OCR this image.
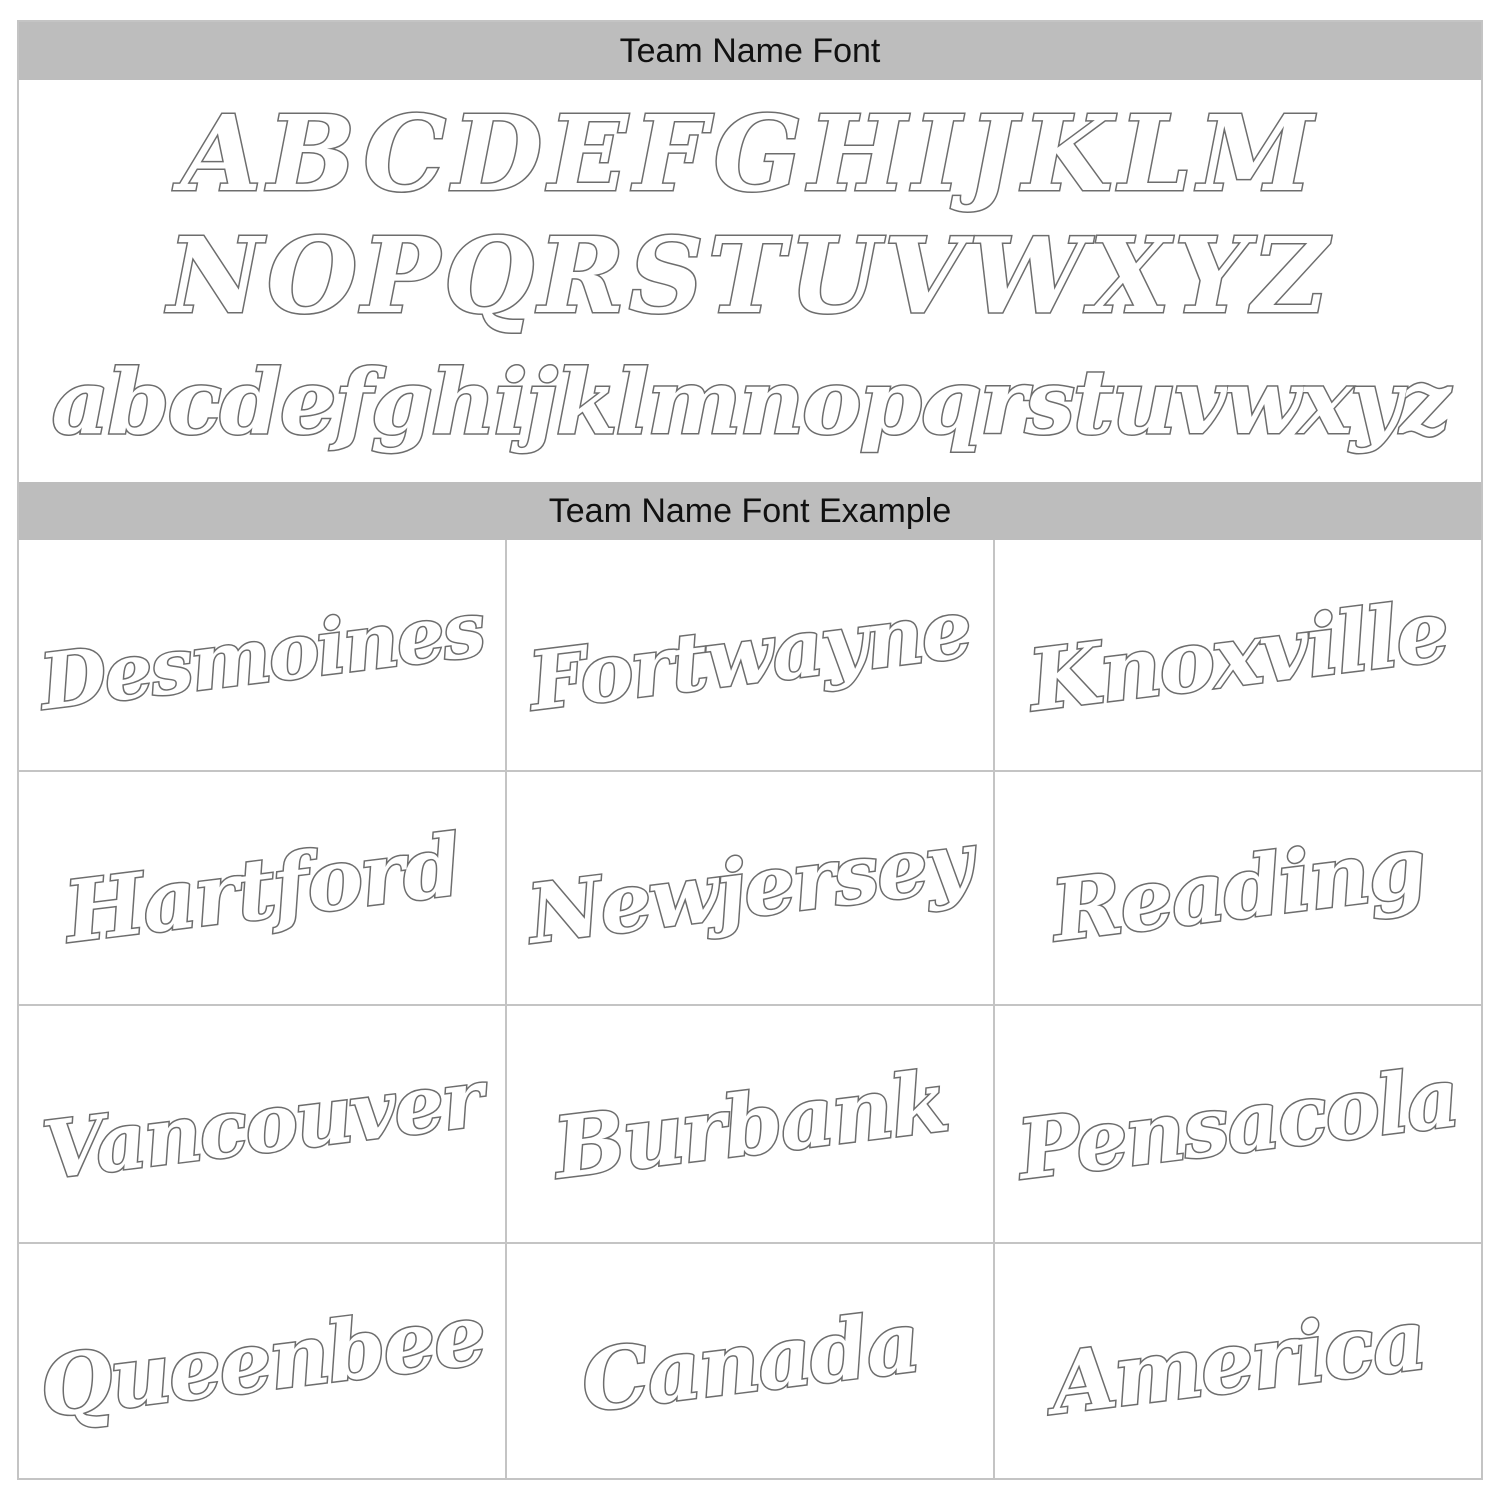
Team Name Font
ABCDEFGHIJKLM
NOPQRSTUVWXYZ
abcdefghijklmnopqrstuvwxyz
Team Name Font Example
Desmoines Fortwayne Knoxville
Hartford Newjersey Reading
Vancouver Burbank Pensacola
Queenbee Canada America
